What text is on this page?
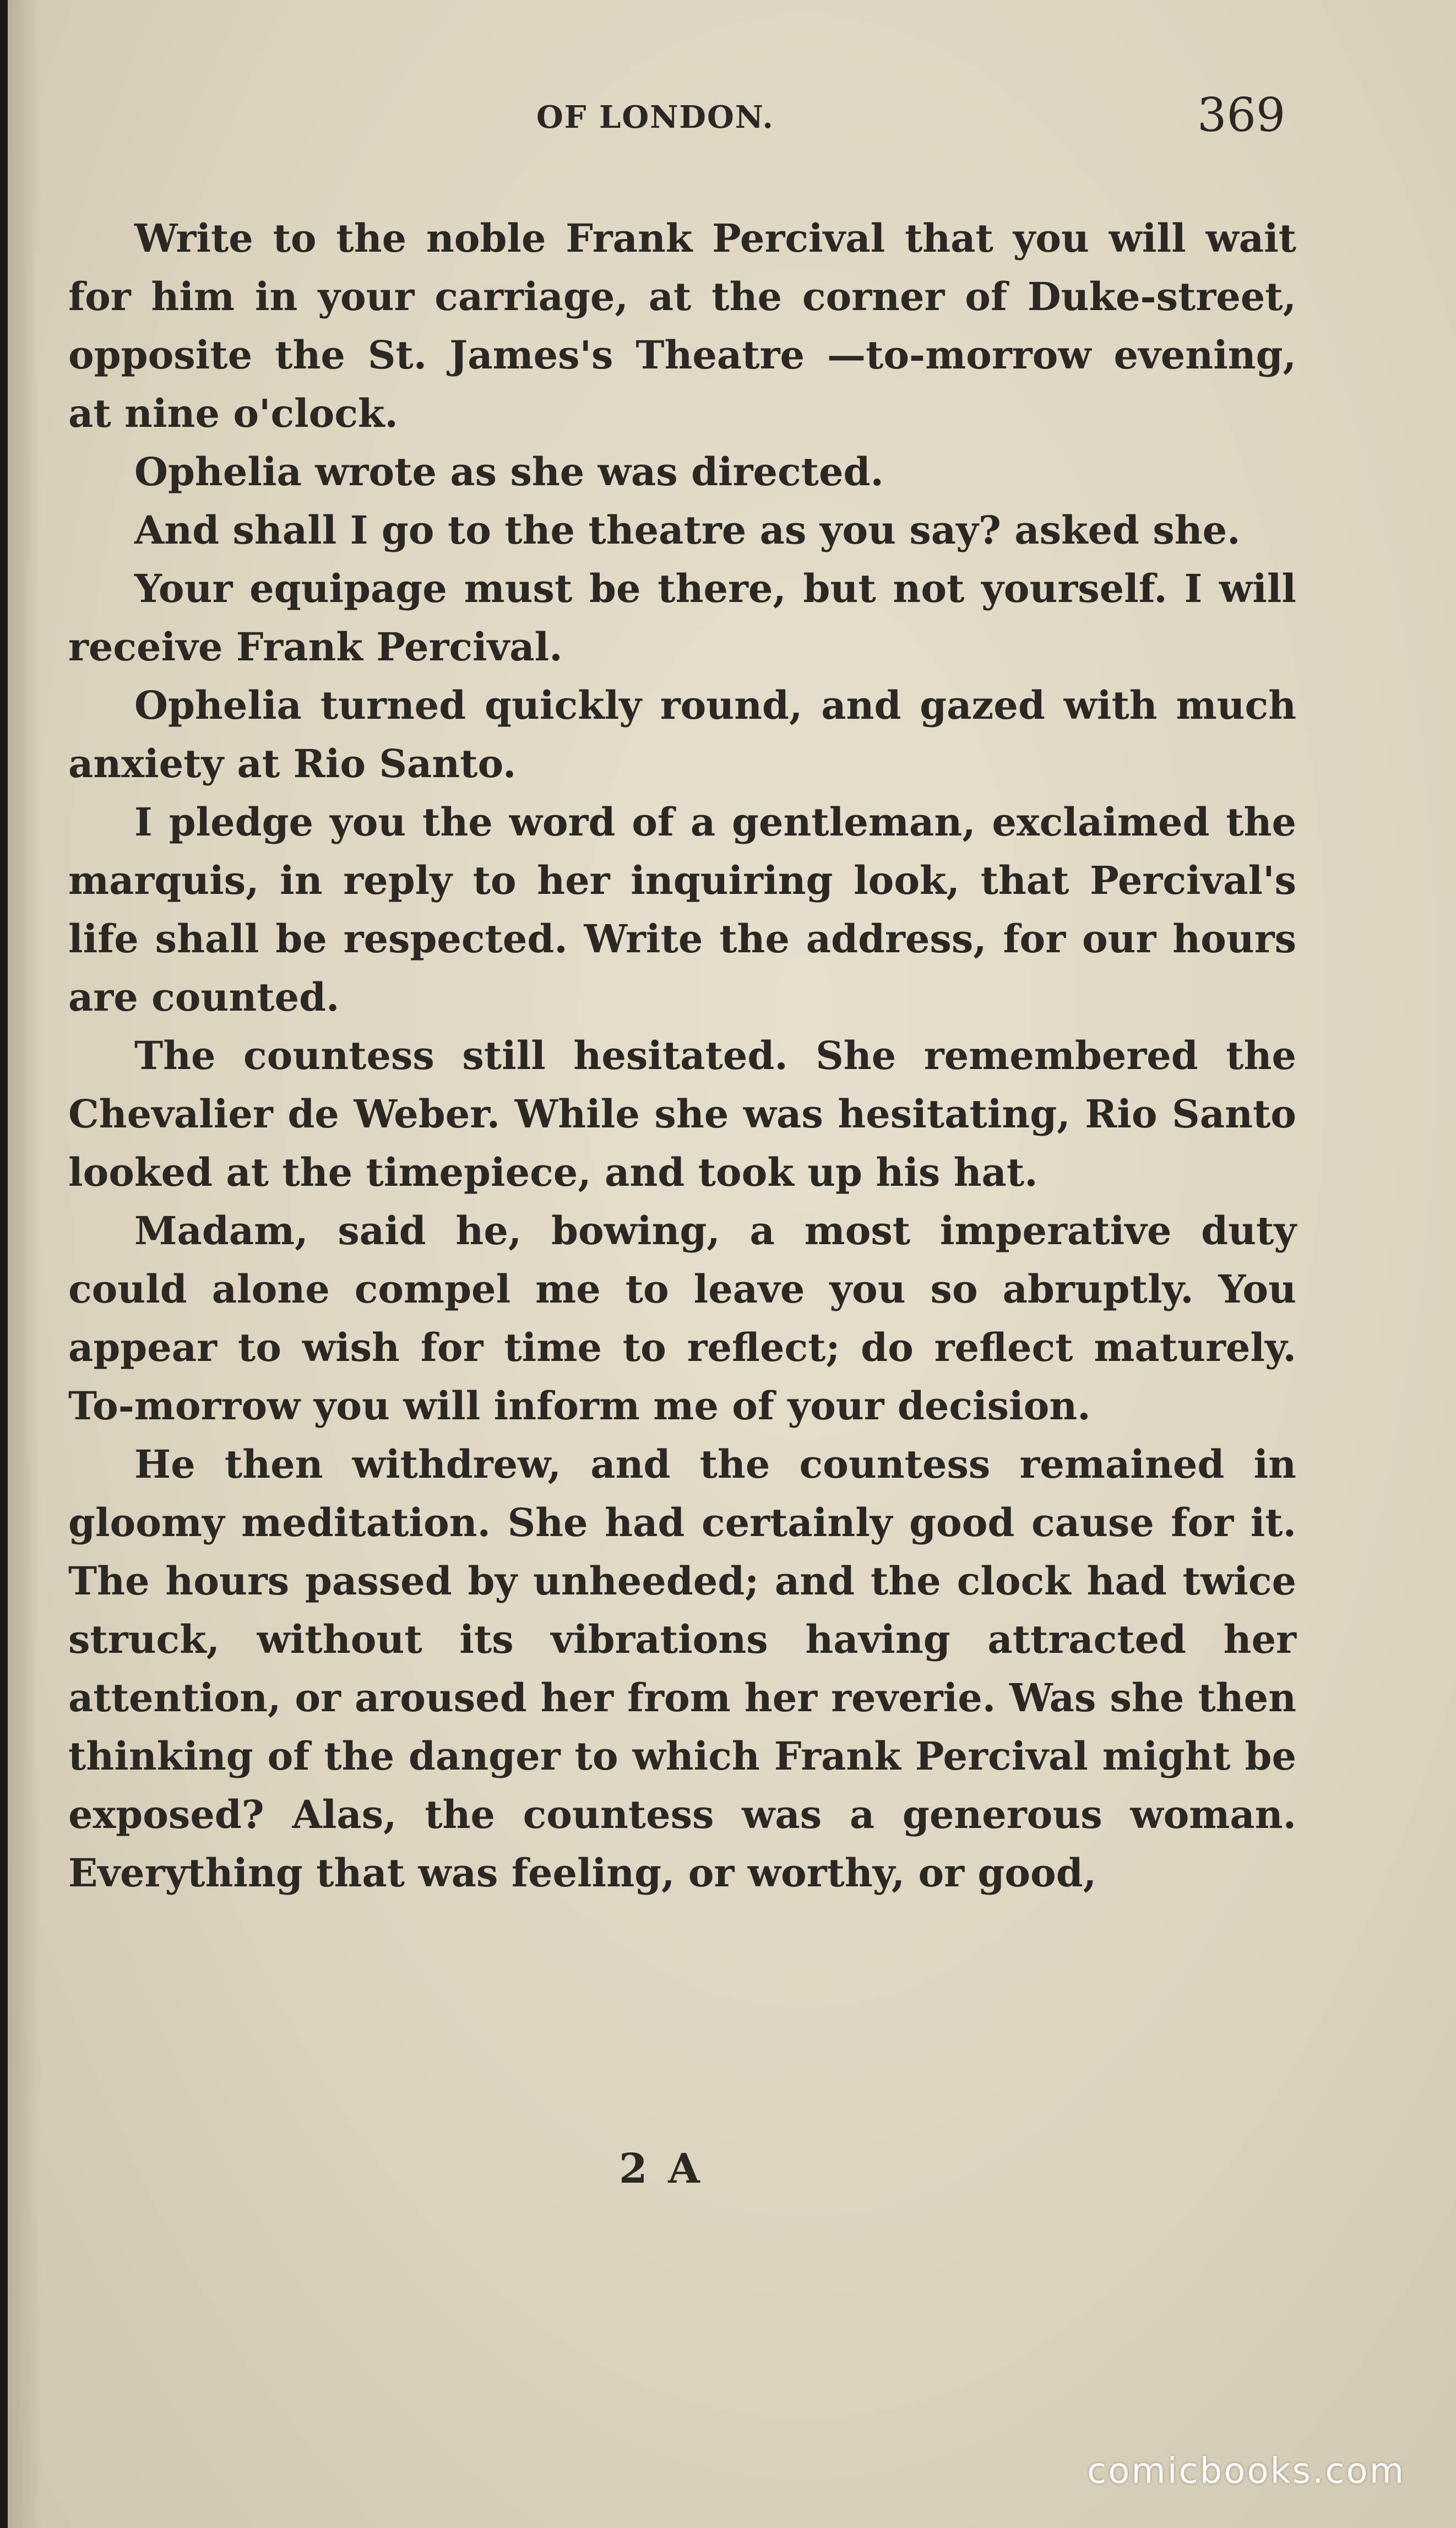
OF LONDON.	369

Write to the noble Frank Percival that you will wait for him in your carriage, at the corner of Duke-street, opposite the St. James's Theatre —to-morrow evening, at nine o'clock.

Ophelia wrote as she was directed.

And shall I go to the theatre as you say? asked she.

Your equipage must be there, but not yourself. I will receive Frank Percival.

Ophelia turned quickly round, and gazed with much anxiety at Rio Santo.

I pledge you the word of a gentleman, exclaimed the marquis, in reply to her inquiring look, that Percival's life shall be respected. Write the address, for our hours are counted.

The countess still hesitated. She remembered the Chevalier de Weber. While she was hesitating, Rio Santo looked at the timepiece, and took up his hat.

Madam, said he, bowing, a most imperative duty could alone compel me to leave you so abruptly. You appear to wish for time to reflect; do reflect maturely. To-morrow you will inform me of your decision.

He then withdrew, and the countess remained in gloomy meditation. She had certainly good cause for it. The hours passed by unheeded; and the clock had twice struck, without its vibrations having attracted her attention, or aroused her from her reverie. Was she then thinking of the danger to which Frank Percival might be exposed? Alas, the countess was a generous woman. Everything that was feeling, or worthy, or good,

2 A
comicbooks.com
